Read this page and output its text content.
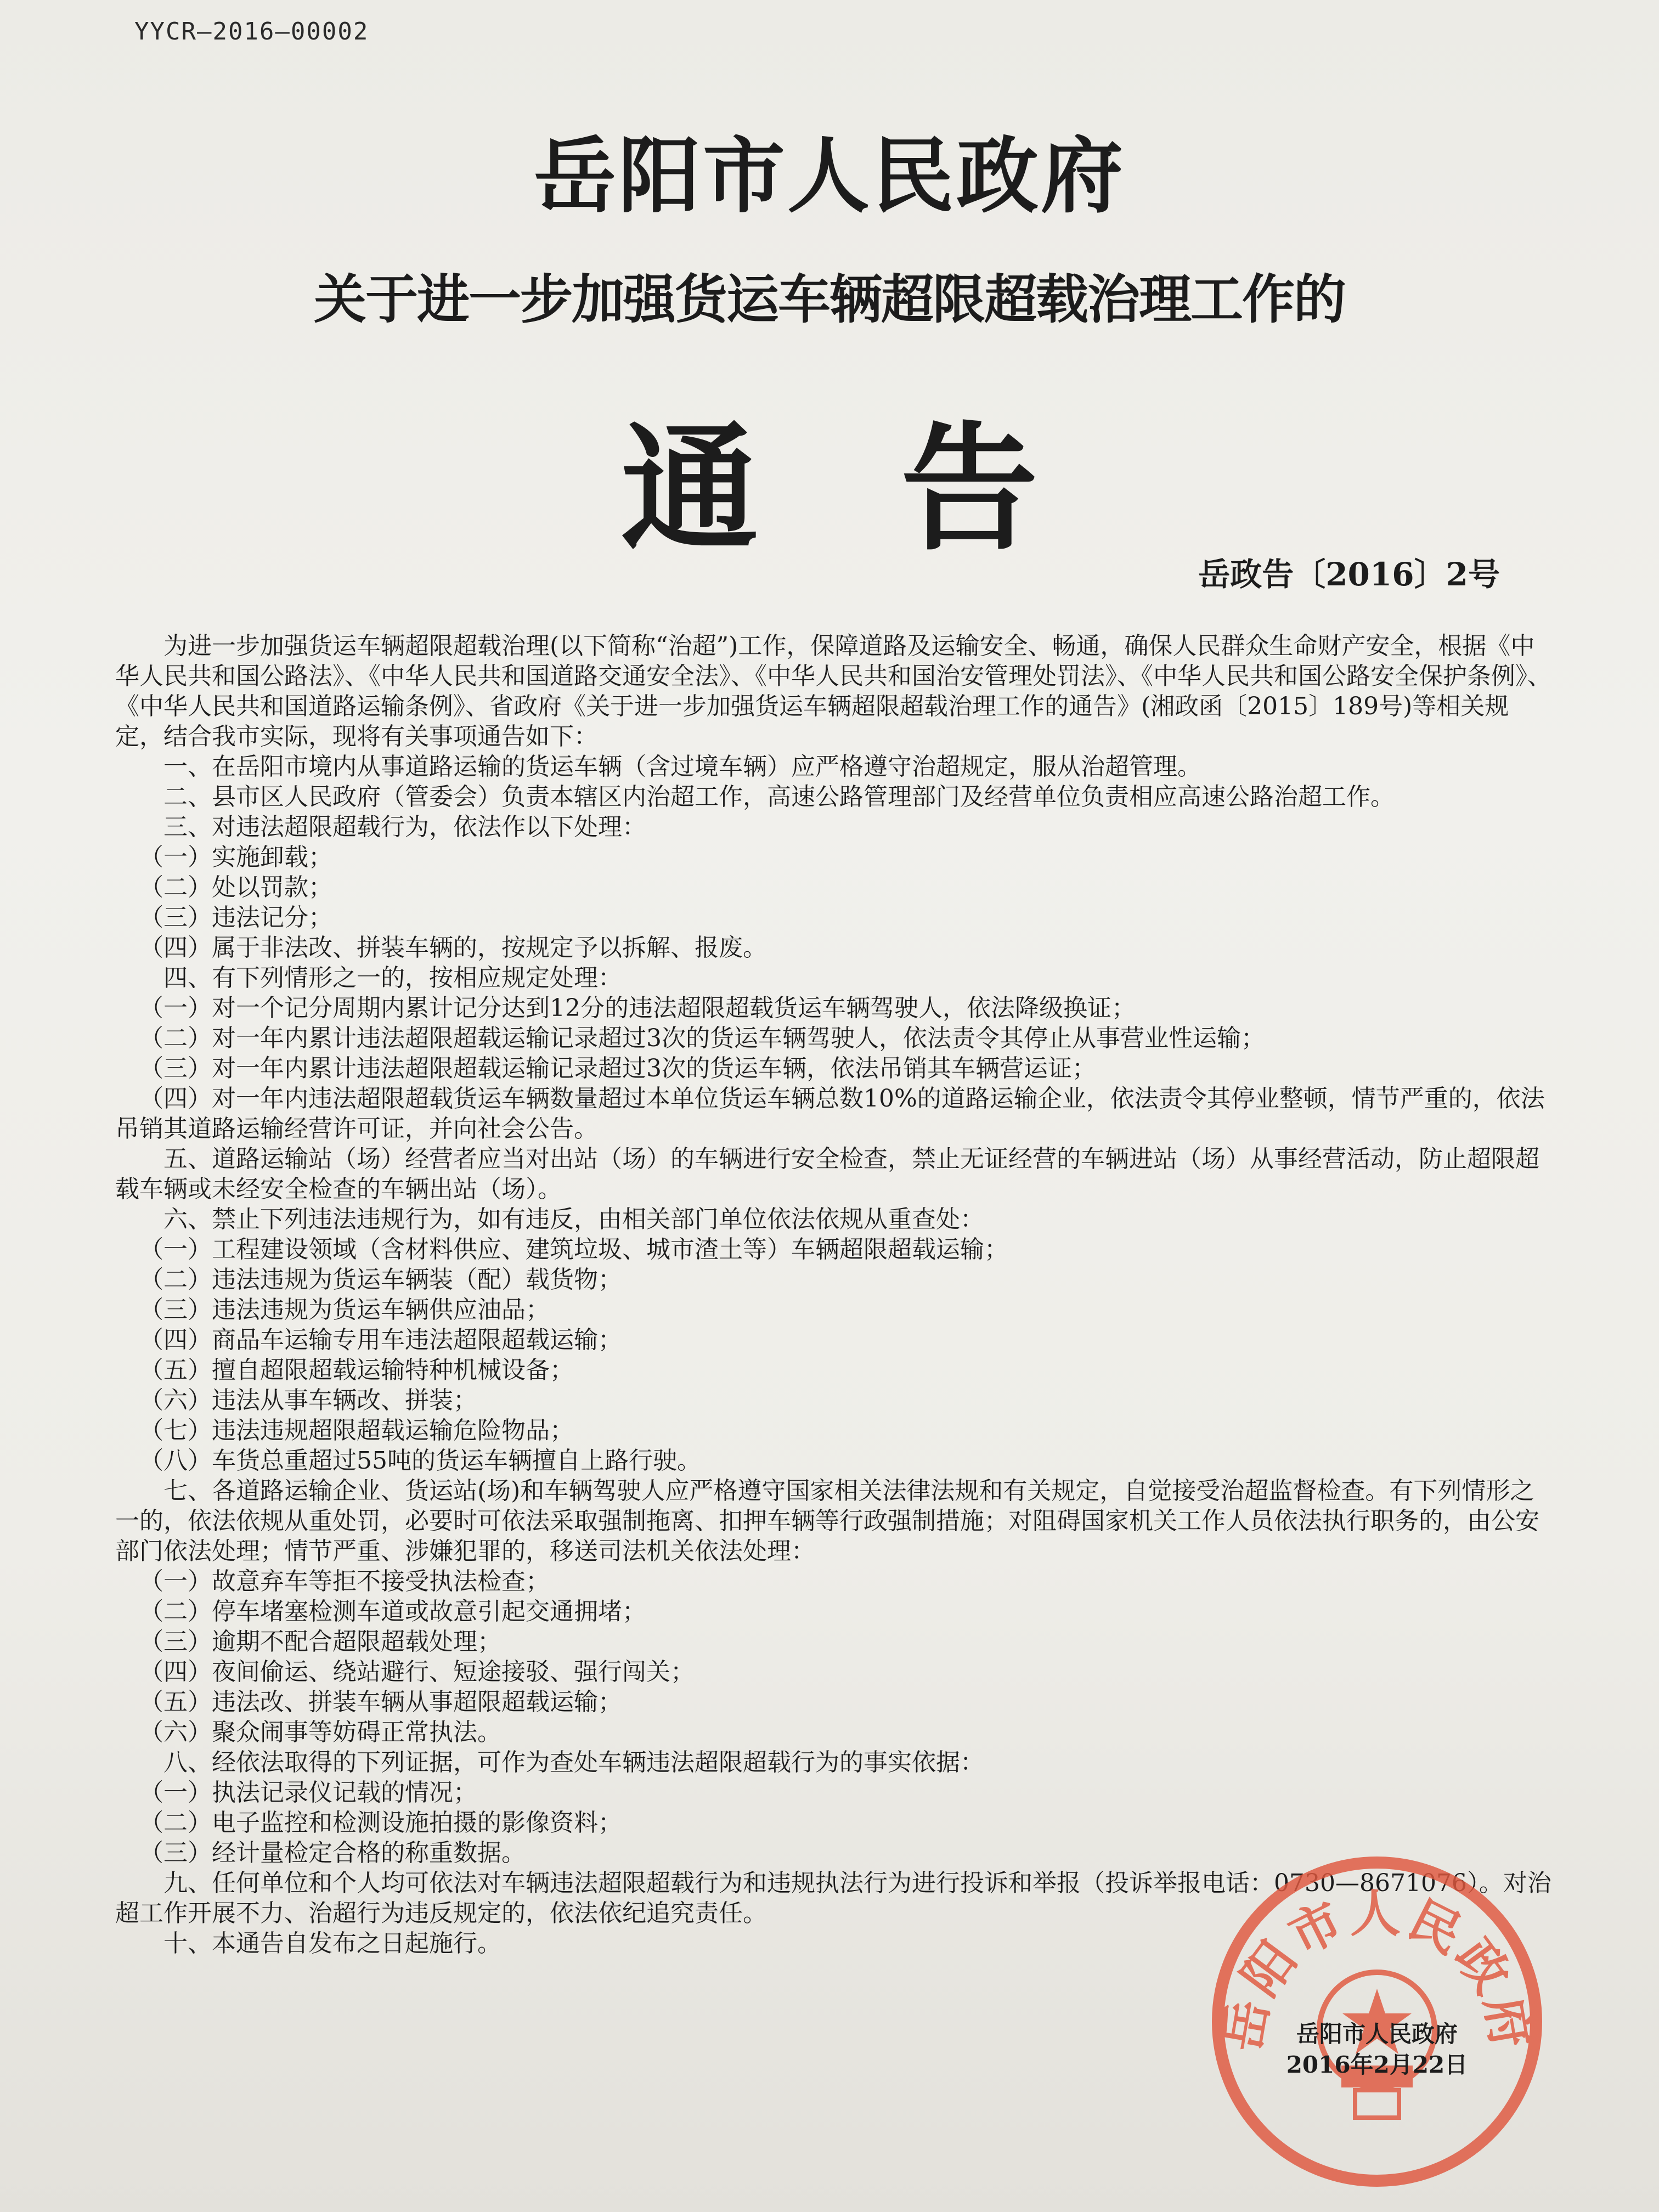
YYCR—2016—00002
岳阳市人民政府
关于进一步加强货运车辆超限超载治理工作的
通告
岳政告〔2016〕2号

为进一步加强货运车辆超限超载治理(以下简称“治超”)工作，保障道路及运输安全、畅通，确保人民群众生命财产安全，根据《中华人民共和国公路法》、《中华人民共和国道路交通安全法》、《中华人民共和国治安管理处罚法》、《中华人民共和国公路安全保护条例》、《中华人民共和国道路运输条例》、省政府《关于进一步加强货运车辆超限超载治理工作的通告》(湘政函〔2015〕189号)等相关规定，结合我市实际，现将有关事项通告如下：

一、在岳阳市境内从事道路运输的货运车辆（含过境车辆）应严格遵守治超规定，服从治超管理。

二、县市区人民政府（管委会）负责本辖区内治超工作，高速公路管理部门及经营单位负责相应高速公路治超工作。

三、对违法超限超载行为，依法作以下处理：

（一）实施卸载；

（二）处以罚款；

（三）违法记分；

（四）属于非法改、拼装车辆的，按规定予以拆解、报废。

四、有下列情形之一的，按相应规定处理：

（一）对一个记分周期内累计记分达到12分的违法超限超载货运车辆驾驶人，依法降级换证；

（二）对一年内累计违法超限超载运输记录超过3次的货运车辆驾驶人，依法责令其停止从事营业性运输；

（三）对一年内累计违法超限超载运输记录超过3次的货运车辆，依法吊销其车辆营运证；

（四）对一年内违法超限超载货运车辆数量超过本单位货运车辆总数10%的道路运输企业，依法责令其停业整顿，情节严重的，依法吊销其道路运输经营许可证，并向社会公告。

五、道路运输站（场）经营者应当对出站（场）的车辆进行安全检查，禁止无证经营的车辆进站（场）从事经营活动，防止超限超载车辆或未经安全检查的车辆出站（场）。

六、禁止下列违法违规行为，如有违反，由相关部门单位依法依规从重查处：

（一）工程建设领域（含材料供应、建筑垃圾、城市渣土等）车辆超限超载运输；

（二）违法违规为货运车辆装（配）载货物；

（三）违法违规为货运车辆供应油品；

（四）商品车运输专用车违法超限超载运输；

（五）擅自超限超载运输特种机械设备；

（六）违法从事车辆改、拼装；

（七）违法违规超限超载运输危险物品；

（八）车货总重超过55吨的货运车辆擅自上路行驶。

七、各道路运输企业、货运站(场)和车辆驾驶人应严格遵守国家相关法律法规和有关规定，自觉接受治超监督检查。有下列情形之一的，依法依规从重处罚，必要时可依法采取强制拖离、扣押车辆等行政强制措施；对阻碍国家机关工作人员依法执行职务的，由公安部门依法处理；情节严重、涉嫌犯罪的，移送司法机关依法处理：

（一）故意弃车等拒不接受执法检查；

（二）停车堵塞检测车道或故意引起交通拥堵；

（三）逾期不配合超限超载处理；

（四）夜间偷运、绕站避行、短途接驳、强行闯关；

（五）违法改、拼装车辆从事超限超载运输；

（六）聚众闹事等妨碍正常执法。

八、经依法取得的下列证据，可作为查处车辆违法超限超载行为的事实依据：

（一）执法记录仪记载的情况；

（二）电子监控和检测设施拍摄的影像资料；

（三）经计量检定合格的称重数据。

九、任何单位和个人均可依法对车辆违法超限超载行为和违规执法行为进行投诉和举报（投诉举报电话：0730—8671076）。对治超工作开展不力、治超行为违反规定的，依法依纪追究责任。

十、本通告自发布之日起施行。

岳阳市人民政府
岳阳市人民政府
2016年2月22日
